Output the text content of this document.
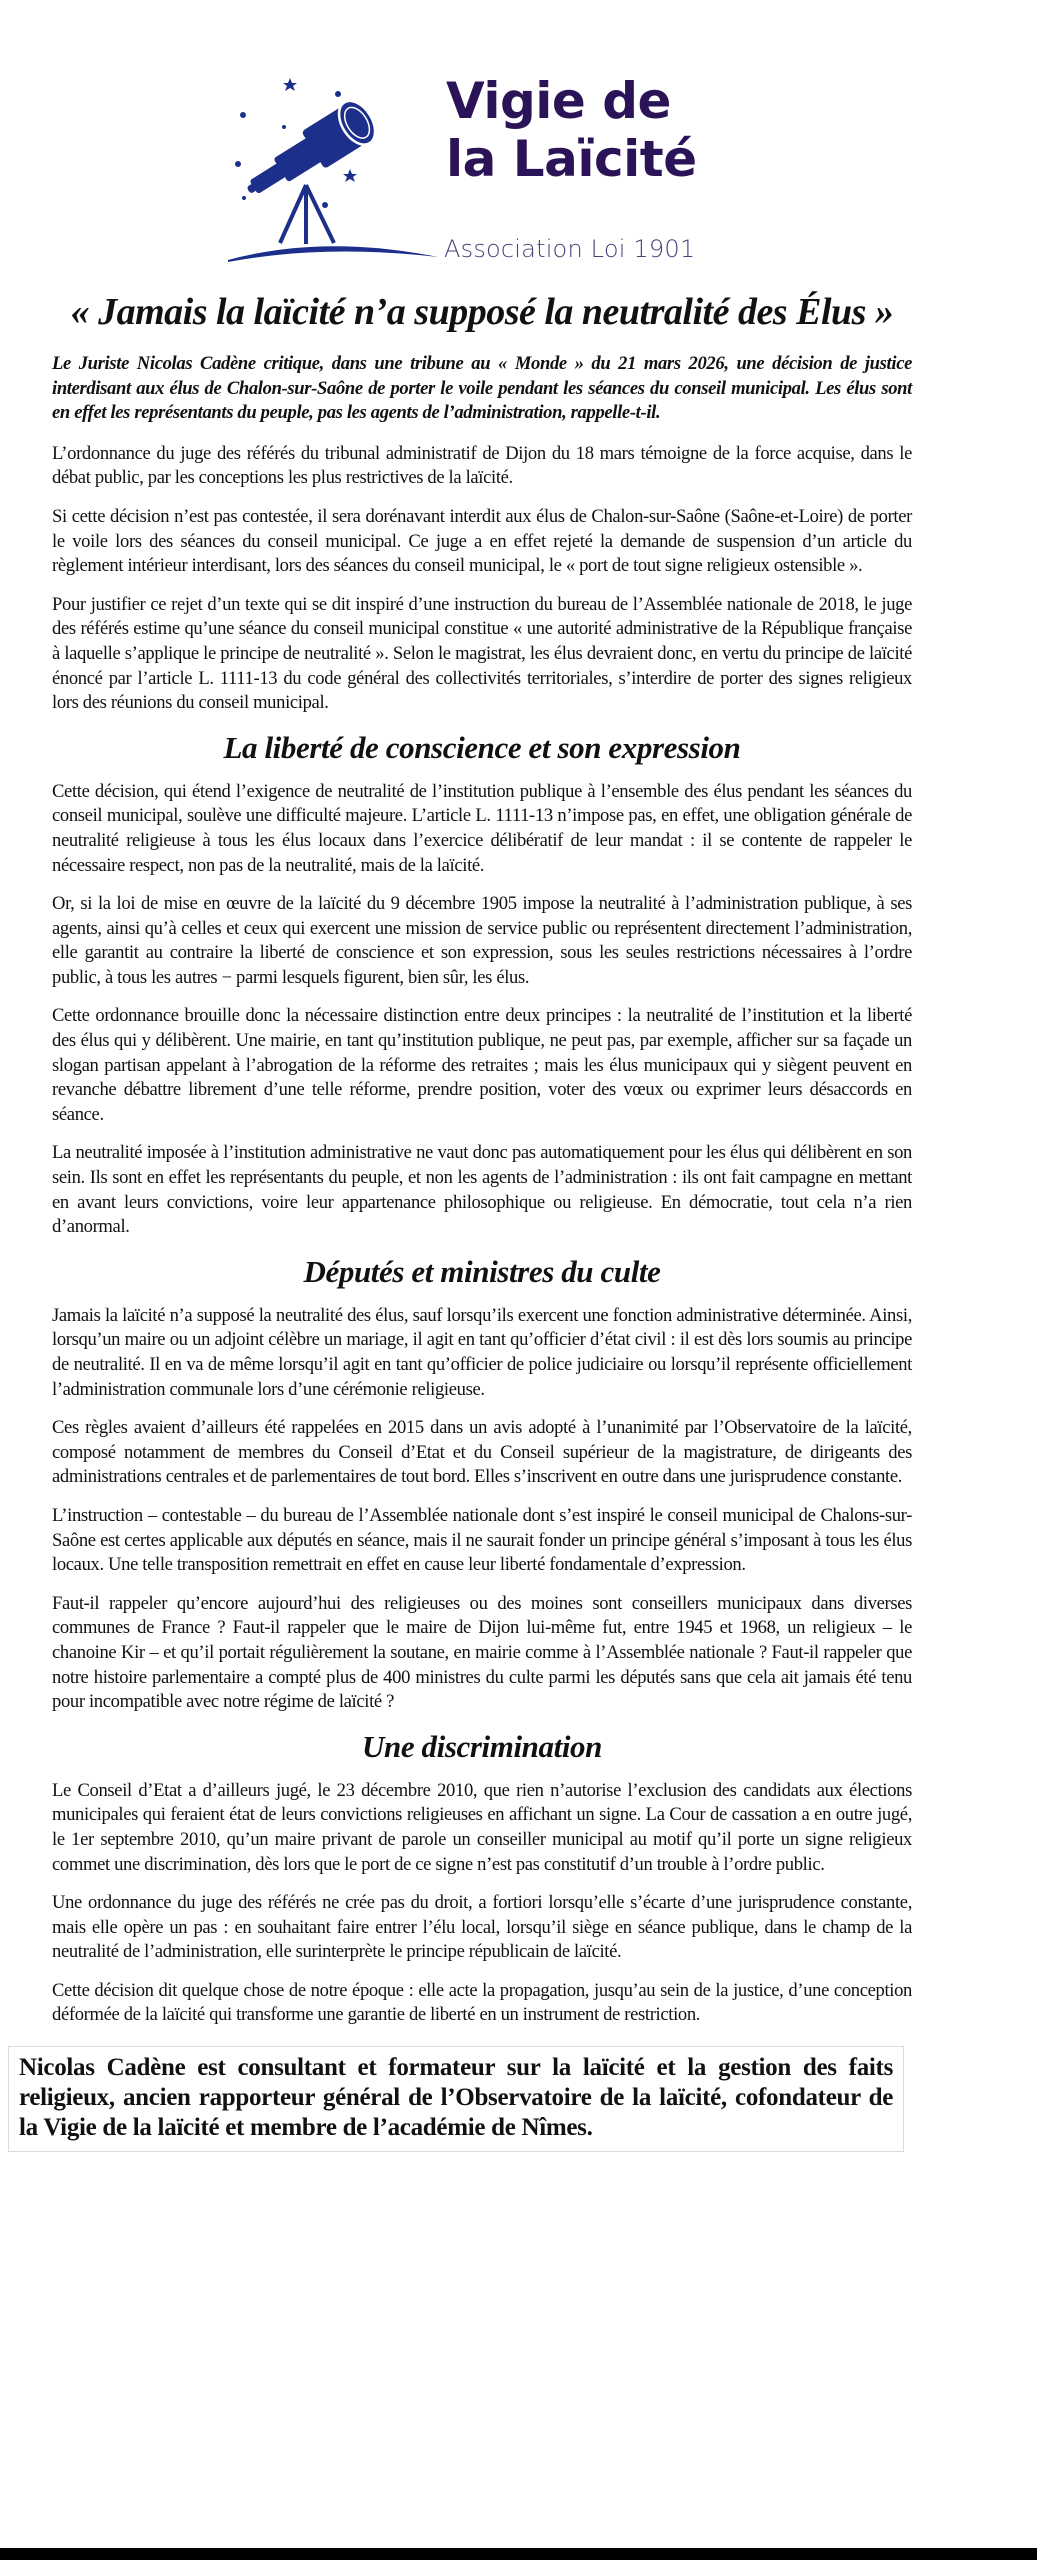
Vigie de
la Laïcité
Association Loi 1901
« Jamais la laïcité n’a supposé la neutralité des Élus »

Le Juriste Nicolas Cadène critique, dans une tribune au « Monde » du 21 mars 2026, une décision de justice interdisant aux élus de Chalon-sur-Saône de porter le voile pendant les séances du conseil municipal. Les élus sont en effet les représentants du peuple, pas les agents de l’administration, rappelle-t-il.

L’ordonnance du juge des référés du tribunal administratif de Dijon du 18 mars témoigne de la force acquise, dans le débat public, par les conceptions les plus restrictives de la laïcité.

Si cette décision n’est pas contestée, il sera dorénavant interdit aux élus de Chalon-sur-Saône (Saône-et-Loire) de porter le voile lors des séances du conseil municipal. Ce juge a en effet rejeté la demande de suspension d’un article du règlement intérieur interdisant, lors des séances du conseil municipal, le « port de tout signe religieux ostensible ».

Pour justifier ce rejet d’un texte qui se dit inspiré d’une instruction du bureau de l’Assemblée nationale de 2018, le juge des référés estime qu’une séance du conseil municipal constitue « une autorité administrative de la République française à laquelle s’applique le principe de neutralité ». Selon le magistrat, les élus devraient donc, en vertu du principe de laïcité énoncé par l’article L. 1111-13 du code général des collectivités territoriales, s’interdire de porter des signes religieux lors des réunions du conseil municipal.

La liberté de conscience et son expression

Cette décision, qui étend l’exigence de neutralité de l’institution publique à l’ensemble des élus pendant les séances du conseil municipal, soulève une difficulté majeure. L’article L. 1111-13 n’impose pas, en effet, une obligation générale de neutralité religieuse à tous les élus locaux dans l’exercice délibératif de leur mandat : il se contente de rappeler le nécessaire respect, non pas de la neutralité, mais de la laïcité.

Or, si la loi de mise en œuvre de la laïcité du 9 décembre 1905 impose la neutralité à l’administration publique, à ses agents, ainsi qu’à celles et ceux qui exercent une mission de service public ou représentent directement l’administration, elle garantit au contraire la liberté de conscience et son expression, sous les seules restrictions nécessaires à l’ordre public, à tous les autres − parmi lesquels figurent, bien sûr, les élus.

Cette ordonnance brouille donc la nécessaire distinction entre deux principes : la neutralité de l’institution et la liberté des élus qui y délibèrent. Une mairie, en tant qu’institution publique, ne peut pas, par exemple, afficher sur sa façade un slogan partisan appelant à l’abrogation de la réforme des retraites ; mais les élus municipaux qui y siègent peuvent en revanche débattre librement d’une telle réforme, prendre position, voter des vœux ou exprimer leurs désaccords en séance.

La neutralité imposée à l’institution administrative ne vaut donc pas automatiquement pour les élus qui délibèrent en son sein. Ils sont en effet les représentants du peuple, et non les agents de l’administration : ils ont fait campagne en mettant en avant leurs convictions, voire leur appartenance philosophique ou religieuse. En démocratie, tout cela n’a rien d’anormal.

Députés et ministres du culte

Jamais la laïcité n’a supposé la neutralité des élus, sauf lorsqu’ils exercent une fonction administrative déterminée. Ainsi, lorsqu’un maire ou un adjoint célèbre un mariage, il agit en tant qu’officier d’état civil : il est dès lors soumis au principe de neutralité. Il en va de même lorsqu’il agit en tant qu’officier de police judiciaire ou lorsqu’il représente officiellement l’administration communale lors d’une cérémonie religieuse.

Ces règles avaient d’ailleurs été rappelées en 2015 dans un avis adopté à l’unanimité par l’Observatoire de la laïcité, composé notamment de membres du Conseil d’Etat et du Conseil supérieur de la magistrature, de dirigeants des administrations centrales et de parlementaires de tout bord. Elles s’inscrivent en outre dans une jurisprudence constante.

L’instruction – contestable – du bureau de l’Assemblée nationale dont s’est inspiré le conseil municipal de Chalons-sur-Saône est certes applicable aux députés en séance, mais il ne saurait fonder un principe général s’imposant à tous les élus locaux. Une telle transposition remettrait en effet en cause leur liberté fondamentale d’expression.

Faut-il rappeler qu’encore aujourd’hui des religieuses ou des moines sont conseillers municipaux dans diverses communes de France ? Faut-il rappeler que le maire de Dijon lui-même fut, entre 1945 et 1968, un religieux – le chanoine Kir – et qu’il portait régulièrement la soutane, en mairie comme à l’Assemblée nationale ? Faut-il rappeler que notre histoire parlementaire a compté plus de 400 ministres du culte parmi les députés sans que cela ait jamais été tenu pour incompatible avec notre régime de laïcité ?

Une discrimination

Le Conseil d’Etat a d’ailleurs jugé, le 23 décembre 2010, que rien n’autorise l’exclusion des candidats aux élections municipales qui feraient état de leurs convictions religieuses en affichant un signe. La Cour de cassation a en outre jugé, le 1er septembre 2010, qu’un maire privant de parole un conseiller municipal au motif qu’il porte un signe religieux commet une discrimination, dès lors que le port de ce signe n’est pas constitutif d’un trouble à l’ordre public.

Une ordonnance du juge des référés ne crée pas du droit, a fortiori lorsqu’elle s’écarte d’une jurisprudence constante, mais elle opère un pas : en souhaitant faire entrer l’élu local, lorsqu’il siège en séance publique, dans le champ de la neutralité de l’administration, elle surinterprète le principe républicain de laïcité.

Cette décision dit quelque chose de notre époque : elle acte la propagation, jusqu’au sein de la justice, d’une conception déformée de la laïcité qui transforme une garantie de liberté en un instrument de restriction.

Nicolas Cadène est consultant et formateur sur la laïcité et la gestion des faits religieux, ancien rapporteur général de l’Observatoire de la laïcité, cofondateur de la Vigie de la laïcité et membre de l’académie de Nîmes.
